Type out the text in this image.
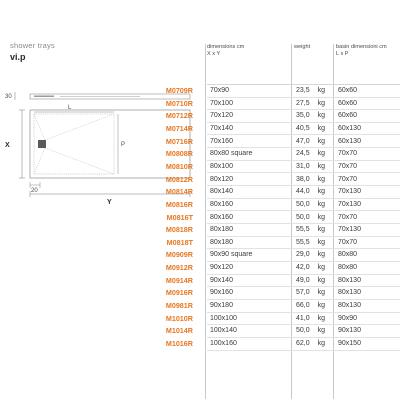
shower trays
vi.p
dimensions cm
X x Y
weight	basin dimensioni cm
L x P
30
L
P
X
20
Y
M0709R 70x90	23,5 kg 60x60
M0710R 70x100	27,5 kg 60x60
M0712R 70x120	35,0 kg 60x60
M0714R 70x140	40,5 kg 60x130
M0716R 70x160	47,0 kg 60x130
M0808R 80x80 square	24,5 kg 70x70
M0810R 80x100	31,0 kg 70x70
M0812R 80x120	38,0 kg 70x70
M0814R 80x140	44,0 kg 70x130
M0816R 80x160	50,0 kg 70x130
M0816T 80x160	50,0 kg 70x70
M0818R 80x180	55,5 kg 70x130
M0818T 80x180	55,5 kg 70x70
M0909R 90x90 square	29,0 kg 80x80
M0912R 90x120	42,0 kg 80x80
M0914R 90x140	49,0 kg 80x130
M0916R 90x160	57,0 kg 80x130
M0981R 90x180	66,0 kg 80x130
M1010R 100x100	41,0 kg 90x90
M1014R 100x140	50,0 kg 90x130
M1016R 100x160	62,0 kg 90x150
